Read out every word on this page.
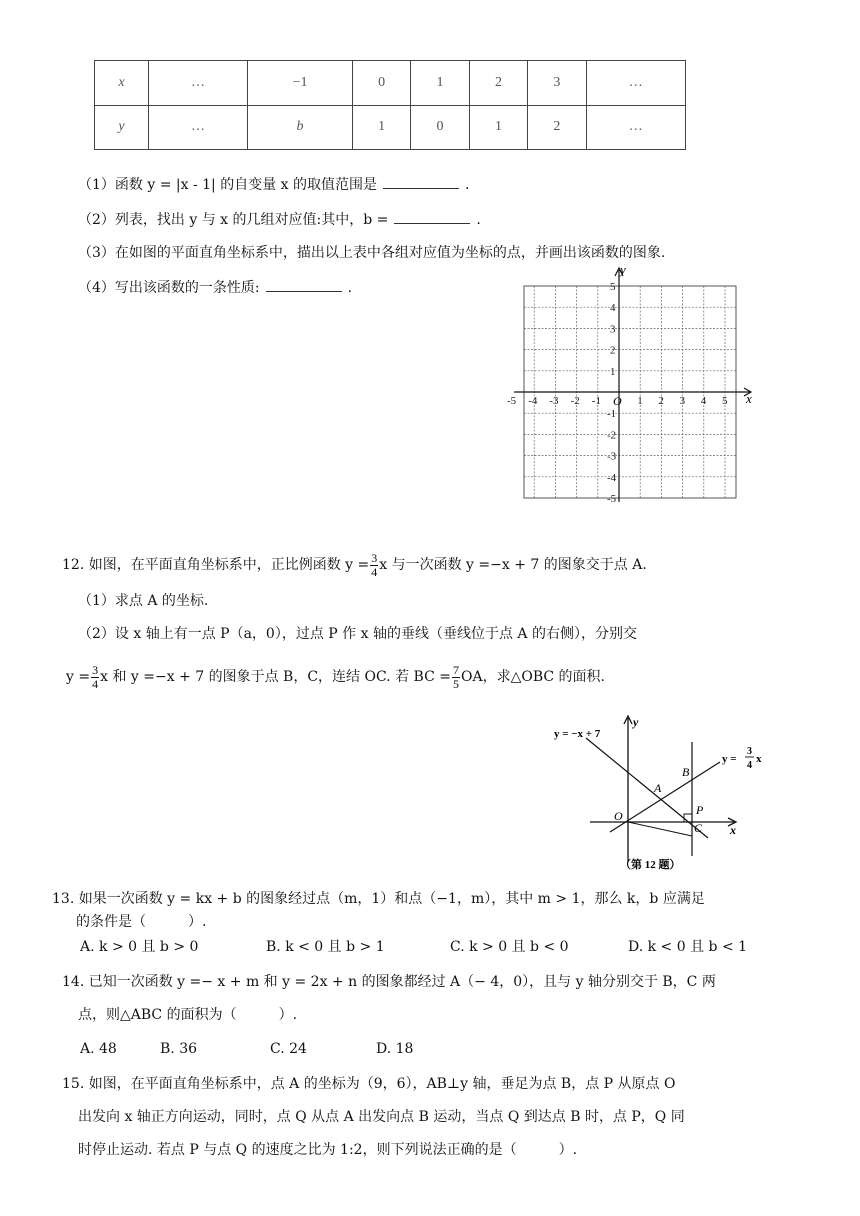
x	…	−1	0	1	2	3	…
y	…	b	1	0	1	2	…
（1）函数 y = |x - 1| 的自变量 x 的取值范围是	.
（2）列表，找出 y 与 x 的几组对应值:其中，b =	.
（3）在如图的平面直角坐标系中，描出以上表中各组对应值为坐标的点，并画出该函数的图象.
（4）写出该函数的一条性质:	.
y
x
O
-5 -4 -3 -2 -1	1 2 3 4 5
5
4
3
2
1
-1
-2
-3
-4
-5
12. 如图，在平面直角坐标系中，正比例函数 $y = \frac{3}{4}$ x 与一次函数 y =−x + 7 的图象交于点 A.
（1）求点 A 的坐标.
（2）设 x 轴上有一点 P（a，0），过点 P 作 x 轴的垂线（垂线位于点 A 的右侧），分别交
$y = \frac{3}{4}$ x 和 y =−x + 7 的图象于点 B，C，连结 OC. 若 BC = $\frac{7}{5}$ OA，求△OBC 的面积.
y = −x + 7
y =
3
4
x
y
x
O
A
B
P
C
（第 12 题）
13. 如果一次函数 y = kx + b 的图象经过点（m，1）和点（−1，m），其中 m > 1，那么 k，b 应满足
的条件是（　　　）.
A. k > 0 且 b > 0	B. k < 0 且 b > 1	C. k > 0 且 b < 0	D. k < 0 且 b < 1
14. 已知一次函数 y =− x + m 和 y = 2x + n 的图象都经过 A（− 4，0），且与 y 轴分别交于 B，C 两
点，则△ABC 的面积为（　　　）.
A. 48	B. 36	C. 24	D. 18
15. 如图，在平面直角坐标系中，点 A 的坐标为（9，6），AB⊥y 轴，垂足为点 B，点 P 从原点 O
出发向 x 轴正方向运动，同时，点 Q 从点 A 出发向点 B 运动，当点 Q 到达点 B 时，点 P，Q 同
时停止运动. 若点 P 与点 Q 的速度之比为 1:2，则下列说法正确的是（　　　）.
